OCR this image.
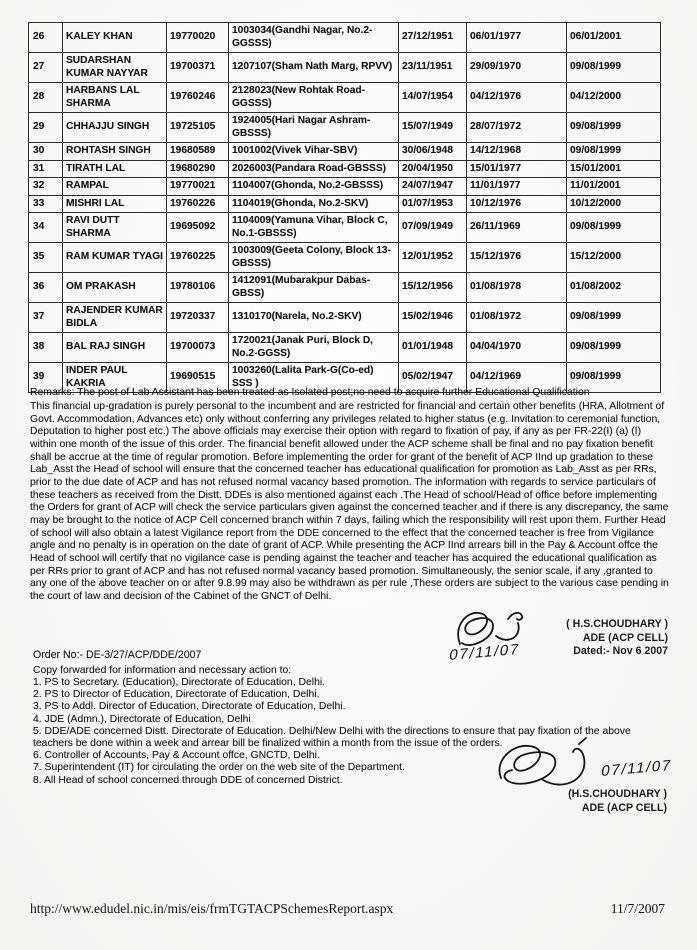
26	KALEY KHAN	19770020	1003034(Gandhi Nagar, No.2-GGSSS)	27/12/1951	06/01/1977	06/01/2001
27	SUDARSHAN KUMAR NAYYAR	19700371	1207107(Sham Nath Marg, RPVV)	23/11/1951	29/09/1970	09/08/1999
28	HARBANS LAL SHARMA	19760246	2128023(New Rohtak Road-GGSSS)	14/07/1954	04/12/1976	04/12/2000
29	CHHAJJU SINGH	19725105	1924005(Hari Nagar Ashram-GBSSS)	15/07/1949	28/07/1972	09/08/1999
30	ROHTASH SINGH	19680589	1001002(Vivek Vihar-SBV)	30/06/1948	14/12/1968	09/08/1999
31	TIRATH LAL	19680290	2026003(Pandara Road-GBSSS)	20/04/1950	15/01/1977	15/01/2001
32	RAMPAL	19770021	1104007(Ghonda, No.2-GBSSS)	24/07/1947	11/01/1977	11/01/2001
33	MISHRI LAL	19760226	1104019(Ghonda, No.2-SKV)	01/07/1953	10/12/1976	10/12/2000
34	RAVI DUTT SHARMA	19695092	1104009(Yamuna Vihar, Block C, No.1-GBSSS)	07/09/1949	26/11/1969	09/08/1999
35	RAM KUMAR TYAGI	19760225	1003009(Geeta Colony, Block 13-GBSSS)	12/01/1952	15/12/1976	15/12/2000
36	OM PRAKASH	19780106	1412091(Mubarakpur Dabas-GBSS)	15/12/1956	01/08/1978	01/08/2002
37	RAJENDER KUMAR BIDLA	19720337	1310170(Narela, No.2-SKV)	15/02/1946	01/08/1972	09/08/1999
38	BAL RAJ SINGH	19700073	1720021(Janak Puri, Block D, No.2-GGSS)	01/01/1948	04/04/1970	09/08/1999
39	INDER PAUL KAKRIA	19690515	1003260(Lalita Park-G(Co-ed) SSS )	05/02/1947	04/12/1969	09/08/1999
Remarks: The post of Lab Assistant has been treated as Isolated post;no need to acquire further Educational Qualification
This financial up-gradation is purely personal to the incumbent and are restricted for financial and certain other benefits (HRA, Allotment of Govt. Accommodation, Advances etc) only without conferring any privileges related to higher status (e.g. Invitation to ceremonial function, Deputation to higher post etc.) The above officials may exercise their option with regard to fixation of pay, if any as per FR-22(I) (a) (I) within one month of the issue of this order. The financial benefit allowed under the ACP scheme shall be final and no pay fixation benefit shall be accrue at the time of regular promotion. Before implementing the order for grant of the benefit of ACP IInd up gradation to these Lab_Asst the Head of school will ensure that the concerned teacher has educational qualification for promotion as Lab_Asst as per RRs, prior to the due date of ACP and has not refused normal vacancy based promotion. The information with regards to service particulars of these teachers as received from the Distt. DDEs is also mentioned against each .The Head of school/Head of office before implementing the Orders for grant of ACP will check the service particulars given against the concerned teacher and if there is any discrepancy, the same may be brought to the notice of ACP Cell concerned branch within 7 days, failing which the responsibility will rest upon them. Further Head of school will also obtain a latest Vigilance report from the DDE concerned to the effect that the concerned teacher is free from Vigilance angle and no penalty is in operation on the date of grant of ACP. While presenting the ACP IInd arrears bill in the Pay & Account offce the Head of school will certify that no vigilance case is pending against the teacher and teacher has acquired the educational qualification as per RRs prior to grant of ACP and has not refused normal vacancy based promotion. Simultaneously, the senior scale, if any ,granted to any one of the above teacher on or after 9.8.99 may also be withdrawn as per rule ,These orders are subject to the various case pending in the court of law and decision of the Cabinet of the GNCT of Delhi.
07/11/07
( H.S.CHOUDHARY )
ADE (ACP CELL)
Dated:- Nov 6 2007
Order No:- DE-3/27/ACP/DDE/2007
Copy forwarded for information and necessary action to:
1. PS to Secretary. (Education), Directorate of Education, Delhi.
2. PS to Director of Education, Directorate of Education, Delhi.
3. PS to Addl. Director of Education, Directorate of Education, Delhi.
4. JDE (Admn.), Directorate of Education, Delhi
5. DDE/ADE concerned Distt. Directorate of Education. Delhi/New Delhi with the directions to ensure that pay fixation of the above teachers be done within a week and arrear bill be finalized within a month from the issue of the orders.
6. Controller of Accounts, Pay & Account offce, GNCTD, Delhi.
7. Superintendent (IT) for circulating the order on the web site of the Department.
8. All Head of school concerned through DDE of concerned District.
07/11/07
(H.S.CHOUDHARY )
ADE (ACP CELL)
http://www.edudel.nic.in/mis/eis/frmTGTACPSchemesReport.aspx	11/7/2007
